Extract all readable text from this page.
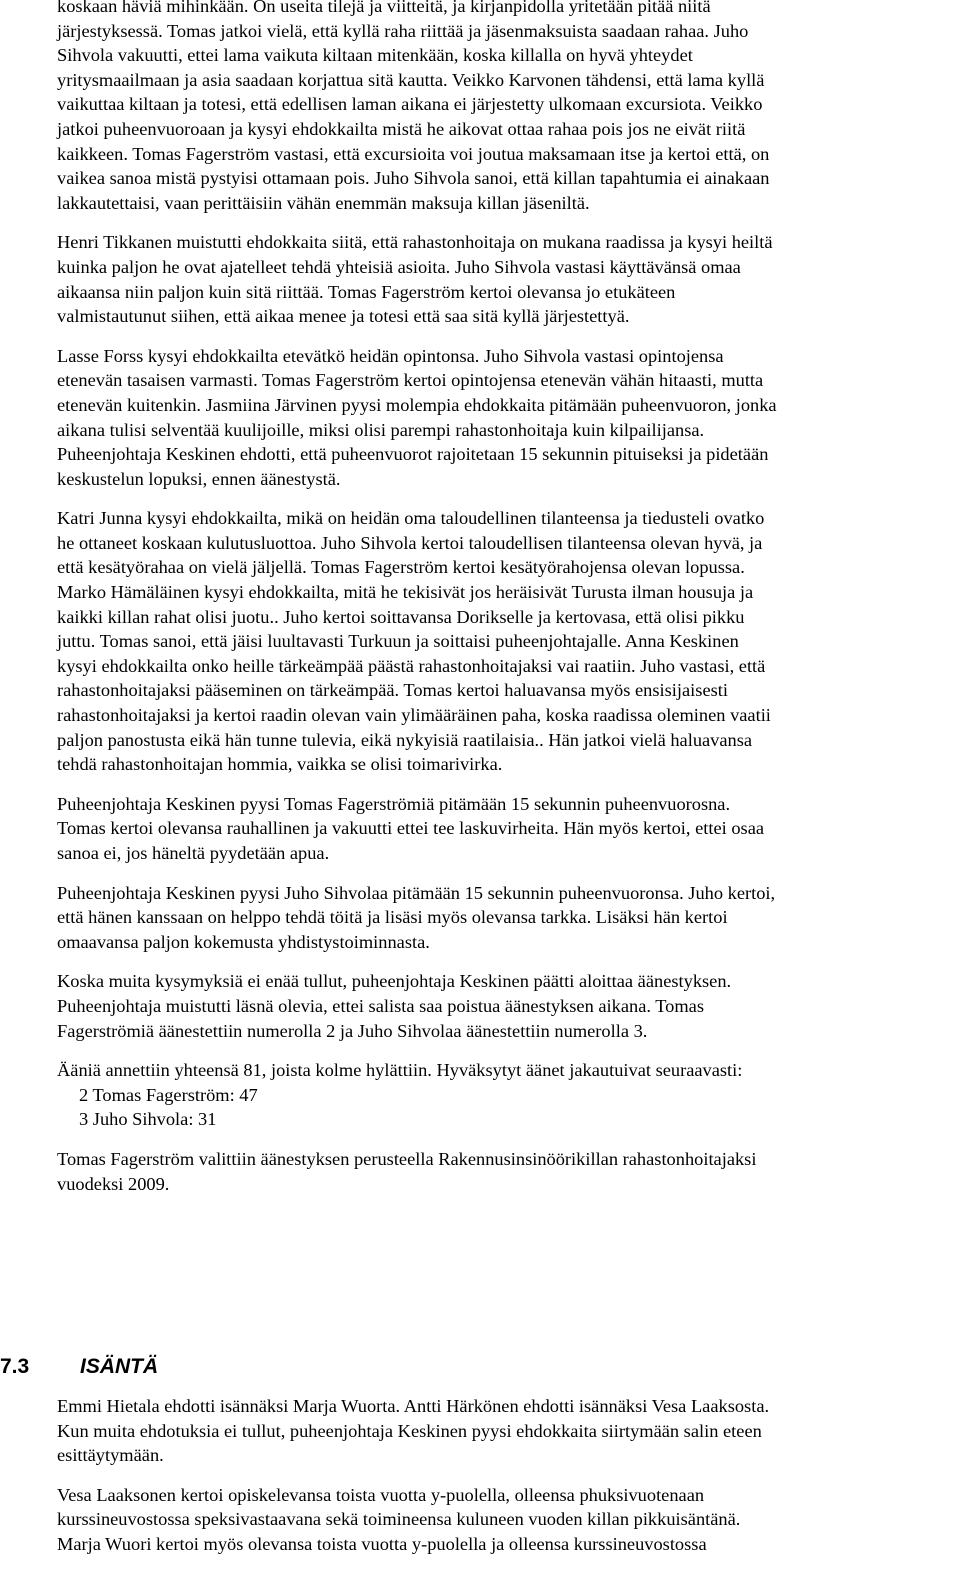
koskaan häviä mihinkään. On useita tilejä ja viitteitä, ja kirjanpidolla yritetään pitää niitä
järjestyksessä. Tomas jatkoi vielä, että kyllä raha riittää ja jäsenmaksuista saadaan rahaa. Juho
Sihvola vakuutti, ettei lama vaikuta kiltaan mitenkään, koska killalla on hyvä yhteydet
yritysmaailmaan ja asia saadaan korjattua sitä kautta. Veikko Karvonen tähdensi, että lama kyllä
vaikuttaa kiltaan ja totesi, että edellisen laman aikana ei järjestetty ulkomaan excursiota. Veikko
jatkoi puheenvuoroaan ja kysyi ehdokkailta mistä he aikovat ottaa rahaa pois jos ne eivät riitä
kaikkeen. Tomas Fagerström vastasi, että excursioita voi joutua maksamaan itse ja kertoi että, on
vaikea sanoa mistä pystyisi ottamaan pois. Juho Sihvola sanoi, että killan tapahtumia ei ainakaan
lakkautettaisi, vaan perittäisiin vähän enemmän maksuja killan jäseniltä.
Henri Tikkanen muistutti ehdokkaita siitä, että rahastonhoitaja on mukana raadissa ja kysyi heiltä
kuinka paljon he ovat ajatelleet tehdä yhteisiä asioita. Juho Sihvola vastasi käyttävänsä omaa
aikaansa niin paljon kuin sitä riittää. Tomas Fagerström kertoi olevansa jo etukäteen
valmistautunut siihen, että aikaa menee ja totesi että saa sitä kyllä järjestettyä.
Lasse Forss kysyi ehdokkailta etevätkö heidän opintonsa. Juho Sihvola vastasi opintojensa
etenevän tasaisen varmasti. Tomas Fagerström kertoi opintojensa etenevän vähän hitaasti, mutta
etenevän kuitenkin. Jasmiina Järvinen pyysi molempia ehdokkaita pitämään puheenvuoron, jonka
aikana tulisi selventää kuulijoille, miksi olisi parempi rahastonhoitaja kuin kilpailijansa.
Puheenjohtaja Keskinen ehdotti, että puheenvuorot rajoitetaan 15 sekunnin pituiseksi ja pidetään
keskustelun lopuksi, ennen äänestystä.
Katri Junna kysyi ehdokkailta, mikä on heidän oma taloudellinen tilanteensa ja tiedusteli ovatko
he ottaneet koskaan kulutusluottoa. Juho Sihvola kertoi taloudellisen tilanteensa olevan hyvä, ja
että kesätyörahaa on vielä jäljellä. Tomas Fagerström kertoi kesätyörahojensa olevan lopussa.
Marko Hämäläinen kysyi ehdokkailta, mitä he tekisivät jos heräisivät Turusta ilman housuja ja
kaikki killan rahat olisi juotu.. Juho kertoi soittavansa Dorikselle ja kertovasa, että olisi pikku
juttu. Tomas sanoi, että jäisi luultavasti Turkuun ja soittaisi puheenjohtajalle. Anna Keskinen
kysyi ehdokkailta onko heille tärkeämpää päästä rahastonhoitajaksi vai raatiin. Juho vastasi, että
rahastonhoitajaksi pääseminen on tärkeämpää. Tomas kertoi haluavansa myös ensisijaisesti
rahastonhoitajaksi ja kertoi raadin olevan vain ylimääräinen paha, koska raadissa oleminen vaatii
paljon panostusta eikä hän tunne tulevia, eikä nykyisiä raatilaisia.. Hän jatkoi vielä haluavansa
tehdä rahastonhoitajan hommia, vaikka se olisi toimarivirka.
Puheenjohtaja Keskinen pyysi Tomas Fagerströmiä pitämään 15 sekunnin puheenvuorosna.
Tomas kertoi olevansa rauhallinen ja vakuutti ettei tee laskuvirheita. Hän myös kertoi, ettei osaa
sanoa ei, jos häneltä pyydetään apua.
Puheenjohtaja Keskinen pyysi Juho Sihvolaa pitämään 15 sekunnin puheenvuoronsa. Juho kertoi,
että hänen kanssaan on helppo tehdä töitä ja lisäsi myös olevansa tarkka. Lisäksi hän kertoi
omaavansa paljon kokemusta yhdistystoiminnasta.
Koska muita kysymyksiä ei enää tullut, puheenjohtaja Keskinen päätti aloittaa äänestyksen.
Puheenjohtaja muistutti läsnä olevia, ettei salista saa poistua äänestyksen aikana. Tomas
Fagerströmiä äänestettiin numerolla 2 ja Juho Sihvolaa äänestettiin numerolla 3.
Ääniä annettiin yhteensä 81, joista kolme hylättiin. Hyväksytyt äänet jakautuivat seuraavasti:
2 Tomas Fagerström: 47
3 Juho Sihvola: 31
Tomas Fagerström valittiin äänestyksen perusteella Rakennusinsinöörikillan rahastonhoitajaksi
vuodeksi 2009.
7.3 ISÄNTÄ
Emmi Hietala ehdotti isännäksi Marja Wuorta. Antti Härkönen ehdotti isännäksi Vesa Laaksosta.
Kun muita ehdotuksia ei tullut, puheenjohtaja Keskinen pyysi ehdokkaita siirtymään salin eteen
esittäytymään.
Vesa Laaksonen kertoi opiskelevansa toista vuotta y-puolella, olleensa phuksivuotenaan
kurssineuvostossa speksivastaavana sekä toimineensa kuluneen vuoden killan pikkuisäntänä.
Marja Wuori kertoi myös olevansa toista vuotta y-puolella ja olleensa kurssineuvostossa
